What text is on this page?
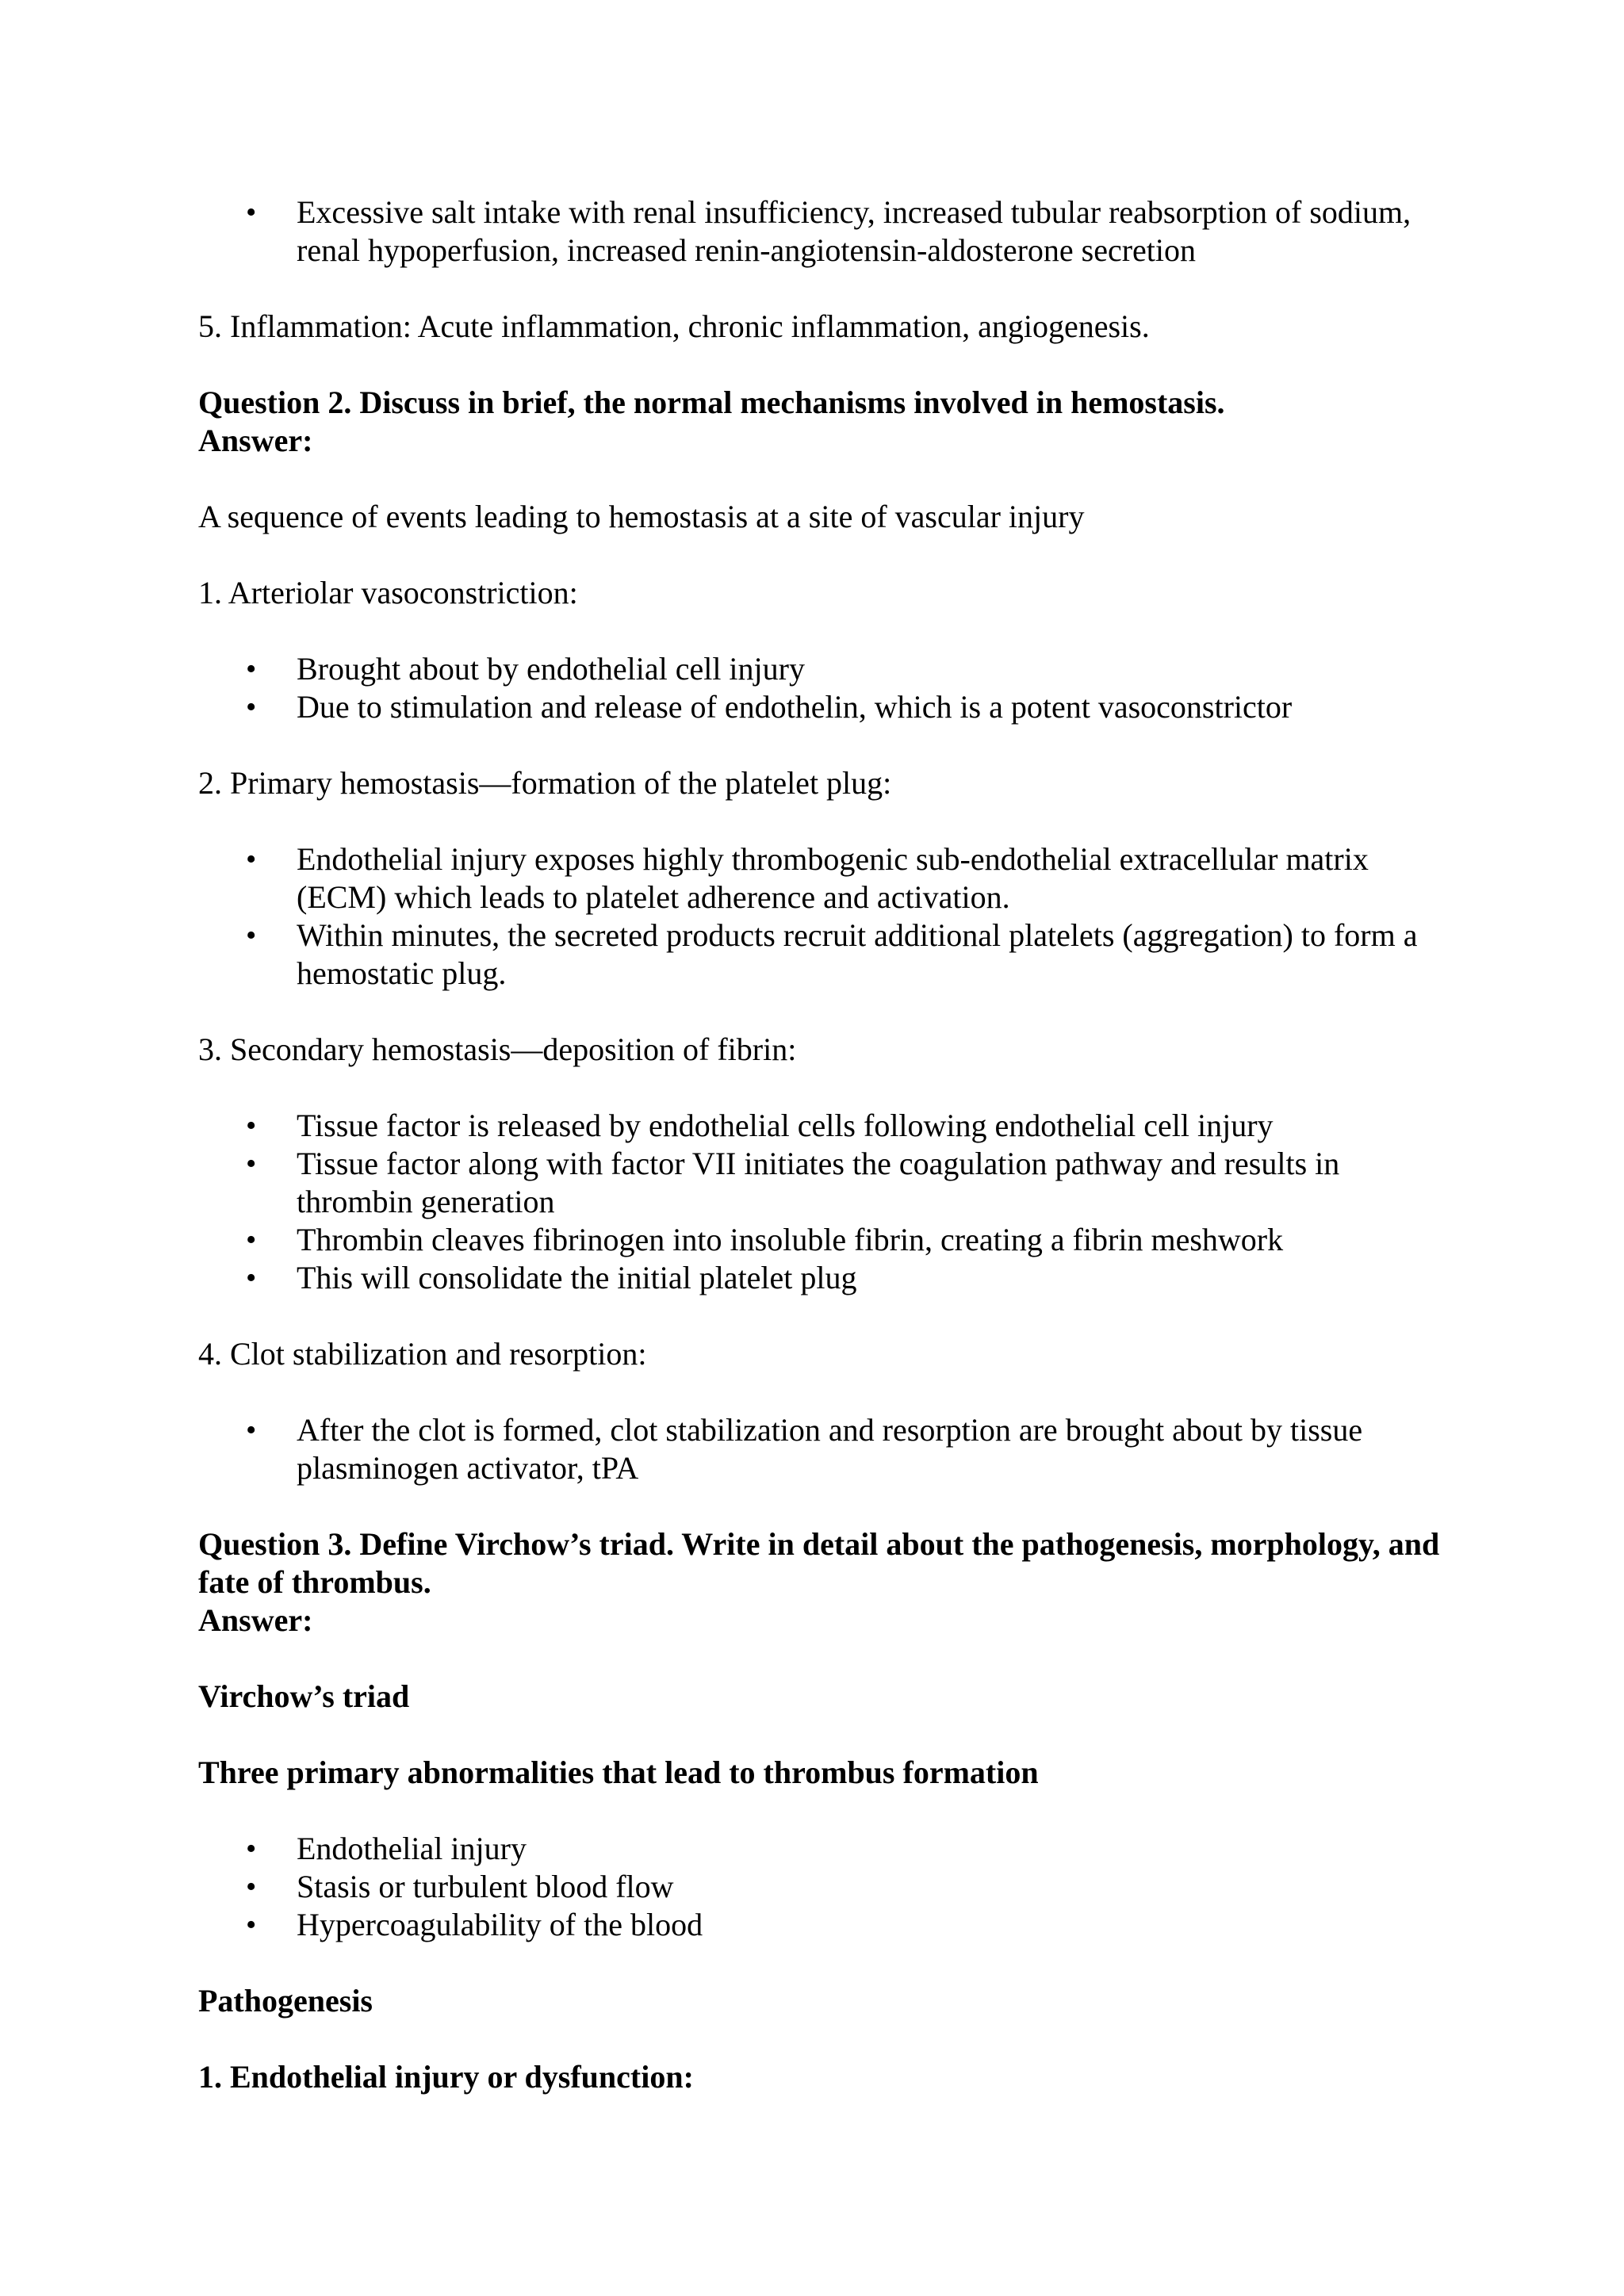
• Excessive salt intake with renal insufficiency, increased tubular reabsorption of sodium, renal hypoperfusion, increased renin-angiotensin-aldosterone secretion

5. Inflammation: Acute inflammation, chronic inflammation, angiogenesis.

Question 2. Discuss in brief, the normal mechanisms involved in hemostasis.

Answer:

A sequence of events leading to hemostasis at a site of vascular injury

1. Arteriolar vasoconstriction:

• Brought about by endothelial cell injury
• Due to stimulation and release of endothelin, which is a potent vasoconstrictor

2. Primary hemostasis—formation of the platelet plug:

• Endothelial injury exposes highly thrombogenic sub-endothelial extracellular matrix (ECM) which leads to platelet adherence and activation.
• Within minutes, the secreted products recruit additional platelets (aggregation) to form a hemostatic plug.

3. Secondary hemostasis—deposition of fibrin:

• Tissue factor is released by endothelial cells following endothelial cell injury
• Tissue factor along with factor VII initiates the coagulation pathway and results in thrombin generation
• Thrombin cleaves fibrinogen into insoluble fibrin, creating a fibrin meshwork
• This will consolidate the initial platelet plug

4. Clot stabilization and resorption:

• After the clot is formed, clot stabilization and resorption are brought about by tissue plasminogen activator, tPA

Question 3. Define Virchow’s triad. Write in detail about the pathogenesis, morphology, and fate of thrombus.

Answer:

Virchow’s triad

Three primary abnormalities that lead to thrombus formation

• Endothelial injury
• Stasis or turbulent blood flow
• Hypercoagulability of the blood

Pathogenesis

1. Endothelial injury or dysfunction:
